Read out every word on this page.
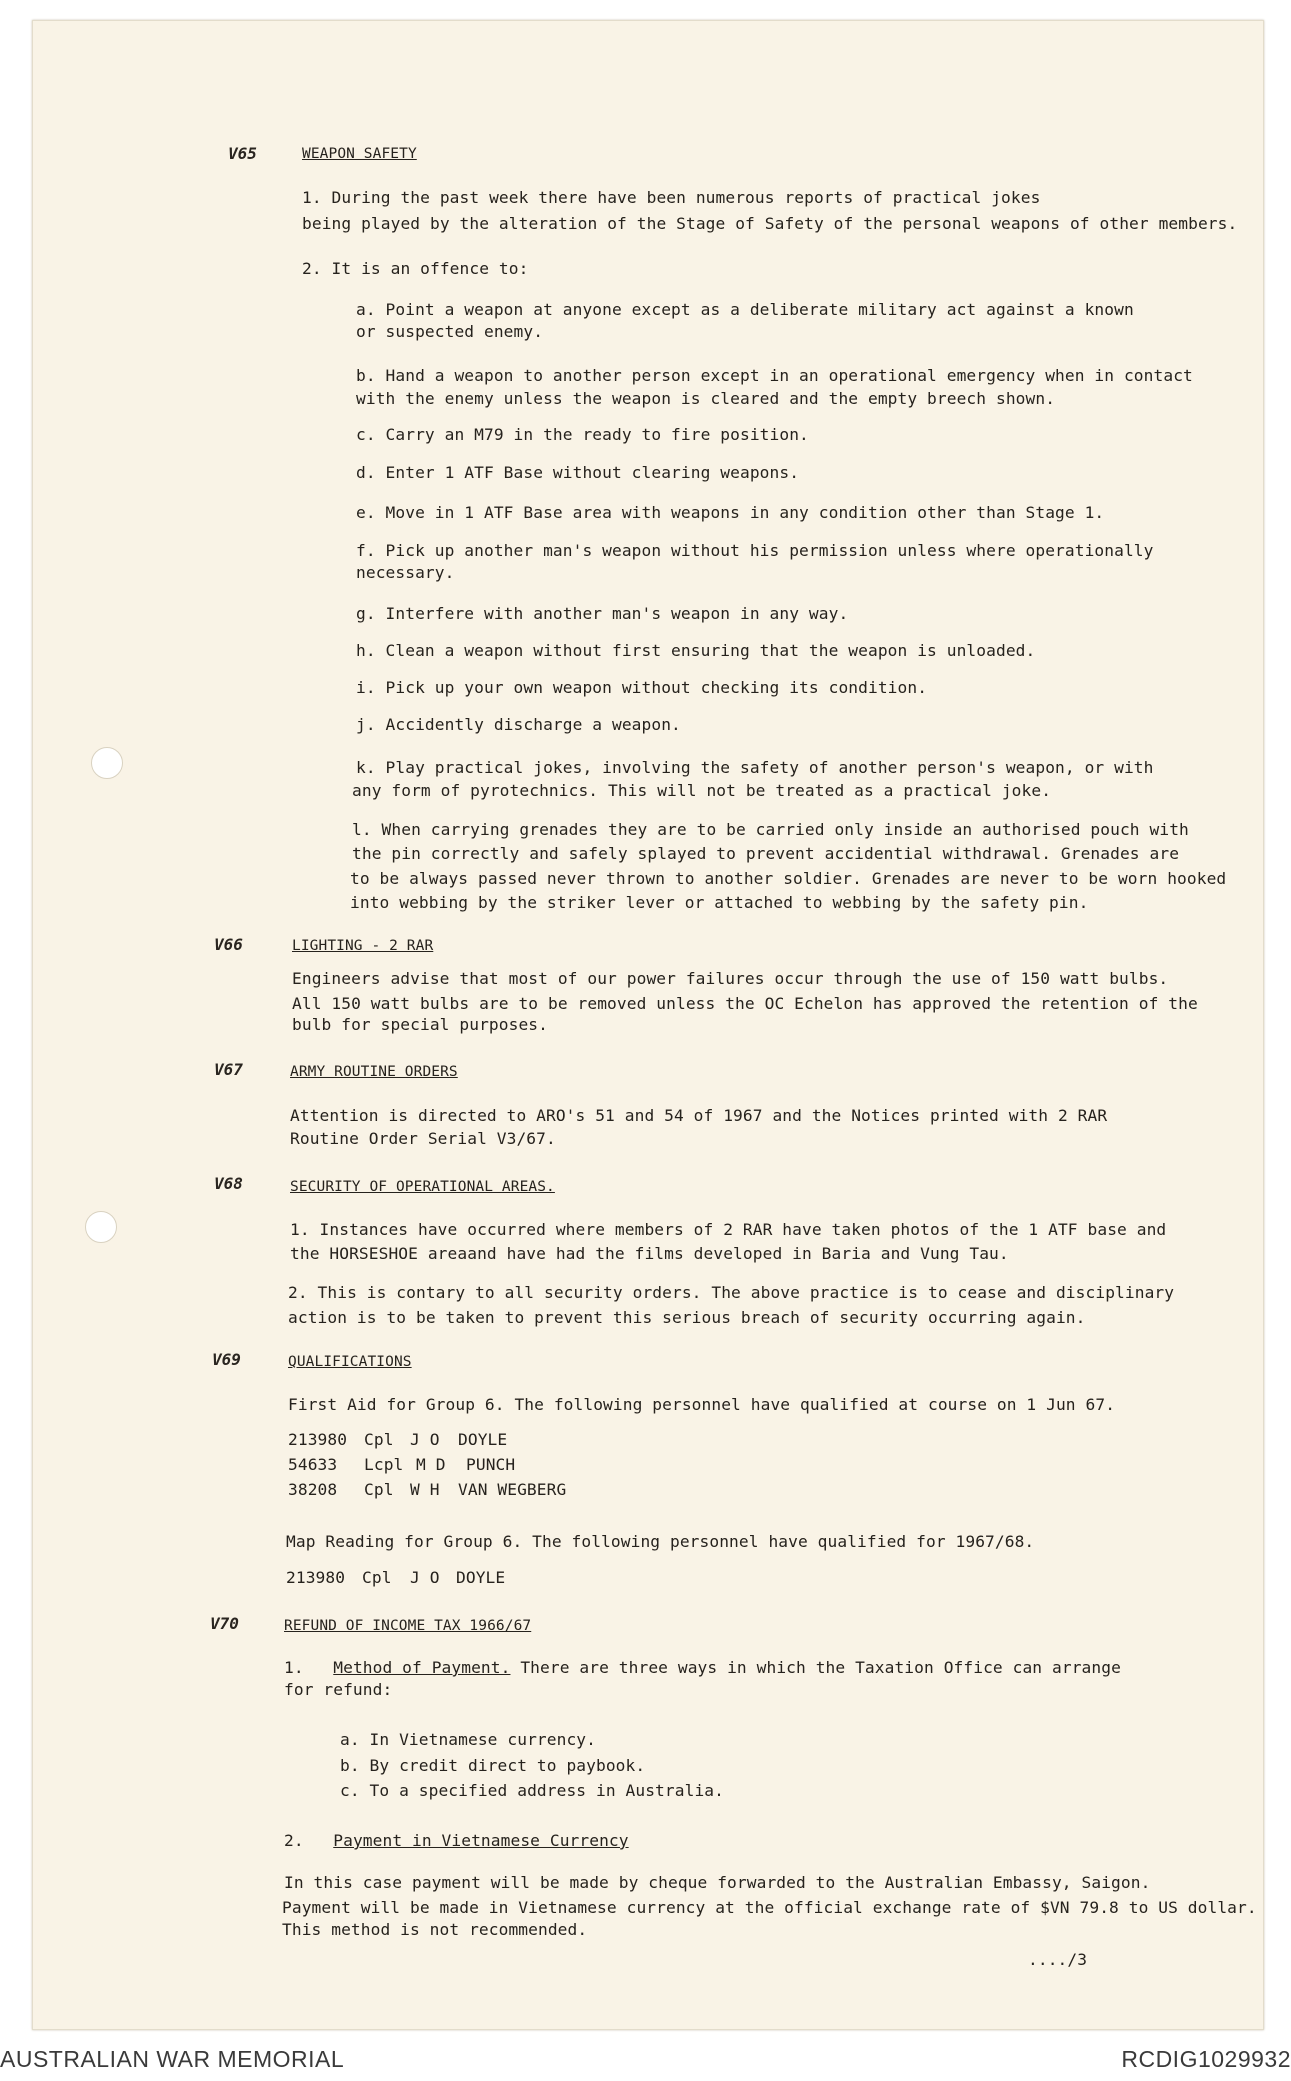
V65	WEAPON SAFETY
1. During the past week there have been numerous reports of practical jokes
being played by the alteration of the Stage of Safety of the personal weapons of other members.
2. It is an offence to:
a. Point a weapon at anyone except as a deliberate military act against a known
or suspected enemy.
b. Hand a weapon to another person except in an operational emergency when in contact
with the enemy unless the weapon is cleared and the empty breech shown.
c. Carry an M79 in the ready to fire position.
d. Enter 1 ATF Base without clearing weapons.
e. Move in 1 ATF Base area with weapons in any condition other than Stage 1.
f. Pick up another man's weapon without his permission unless where operationally
necessary.
g. Interfere with another man's weapon in any way.
h. Clean a weapon without first ensuring that the weapon is unloaded.
i. Pick up your own weapon without checking its condition.
j. Accidently discharge a weapon.
k. Play practical jokes, involving the safety of another person's weapon, or with
any form of pyrotechnics. This will not be treated as a practical joke.
l. When carrying grenades they are to be carried only inside an authorised pouch with
the pin correctly and safely splayed to prevent accidential withdrawal. Grenades are
to be always passed never thrown to another soldier. Grenades are never to be worn hooked
into webbing by the striker lever or attached to webbing by the safety pin.
V66	LIGHTING - 2 RAR
Engineers advise that most of our power failures occur through the use of 150 watt bulbs.
All 150 watt bulbs are to be removed unless the OC Echelon has approved the retention of the
bulb for special purposes.
V67	ARMY ROUTINE ORDERS
Attention is directed to ARO's 51 and 54 of 1967 and the Notices printed with 2 RAR
Routine Order Serial V3/67.
V68	SECURITY OF OPERATIONAL AREAS.
1. Instances have occurred where members of 2 RAR have taken photos of the 1 ATF base and
the HORSESHOE areaand have had the films developed in Baria and Vung Tau.
2. This is contary to all security orders. The above practice is to cease and disciplinary
action is to be taken to prevent this serious breach of security occurring again.
V69	QUALIFICATIONS
First Aid for Group 6. The following personnel have qualified at course on 1 Jun 67.
213980 Cpl J O DOYLE
54633 Lcpl M D PUNCH
38208 Cpl W H VAN WEGBERG
Map Reading for Group 6. The following personnel have qualified for 1967/68.
213980 Cpl J O DOYLE
V70	REFUND OF INCOME TAX 1966/67
1. Method of Payment. There are three ways in which the Taxation Office can arrange
for refund:
a. In Vietnamese currency.
b. By credit direct to paybook.
c. To a specified address in Australia.
2. Payment in Vietnamese Currency
In this case payment will be made by cheque forwarded to the Australian Embassy, Saigon.
Payment will be made in Vietnamese currency at the official exchange rate of $VN 79.8 to US dollar.
This method is not recommended.
..../3
AUSTRALIAN WAR MEMORIAL	RCDIG1029932
